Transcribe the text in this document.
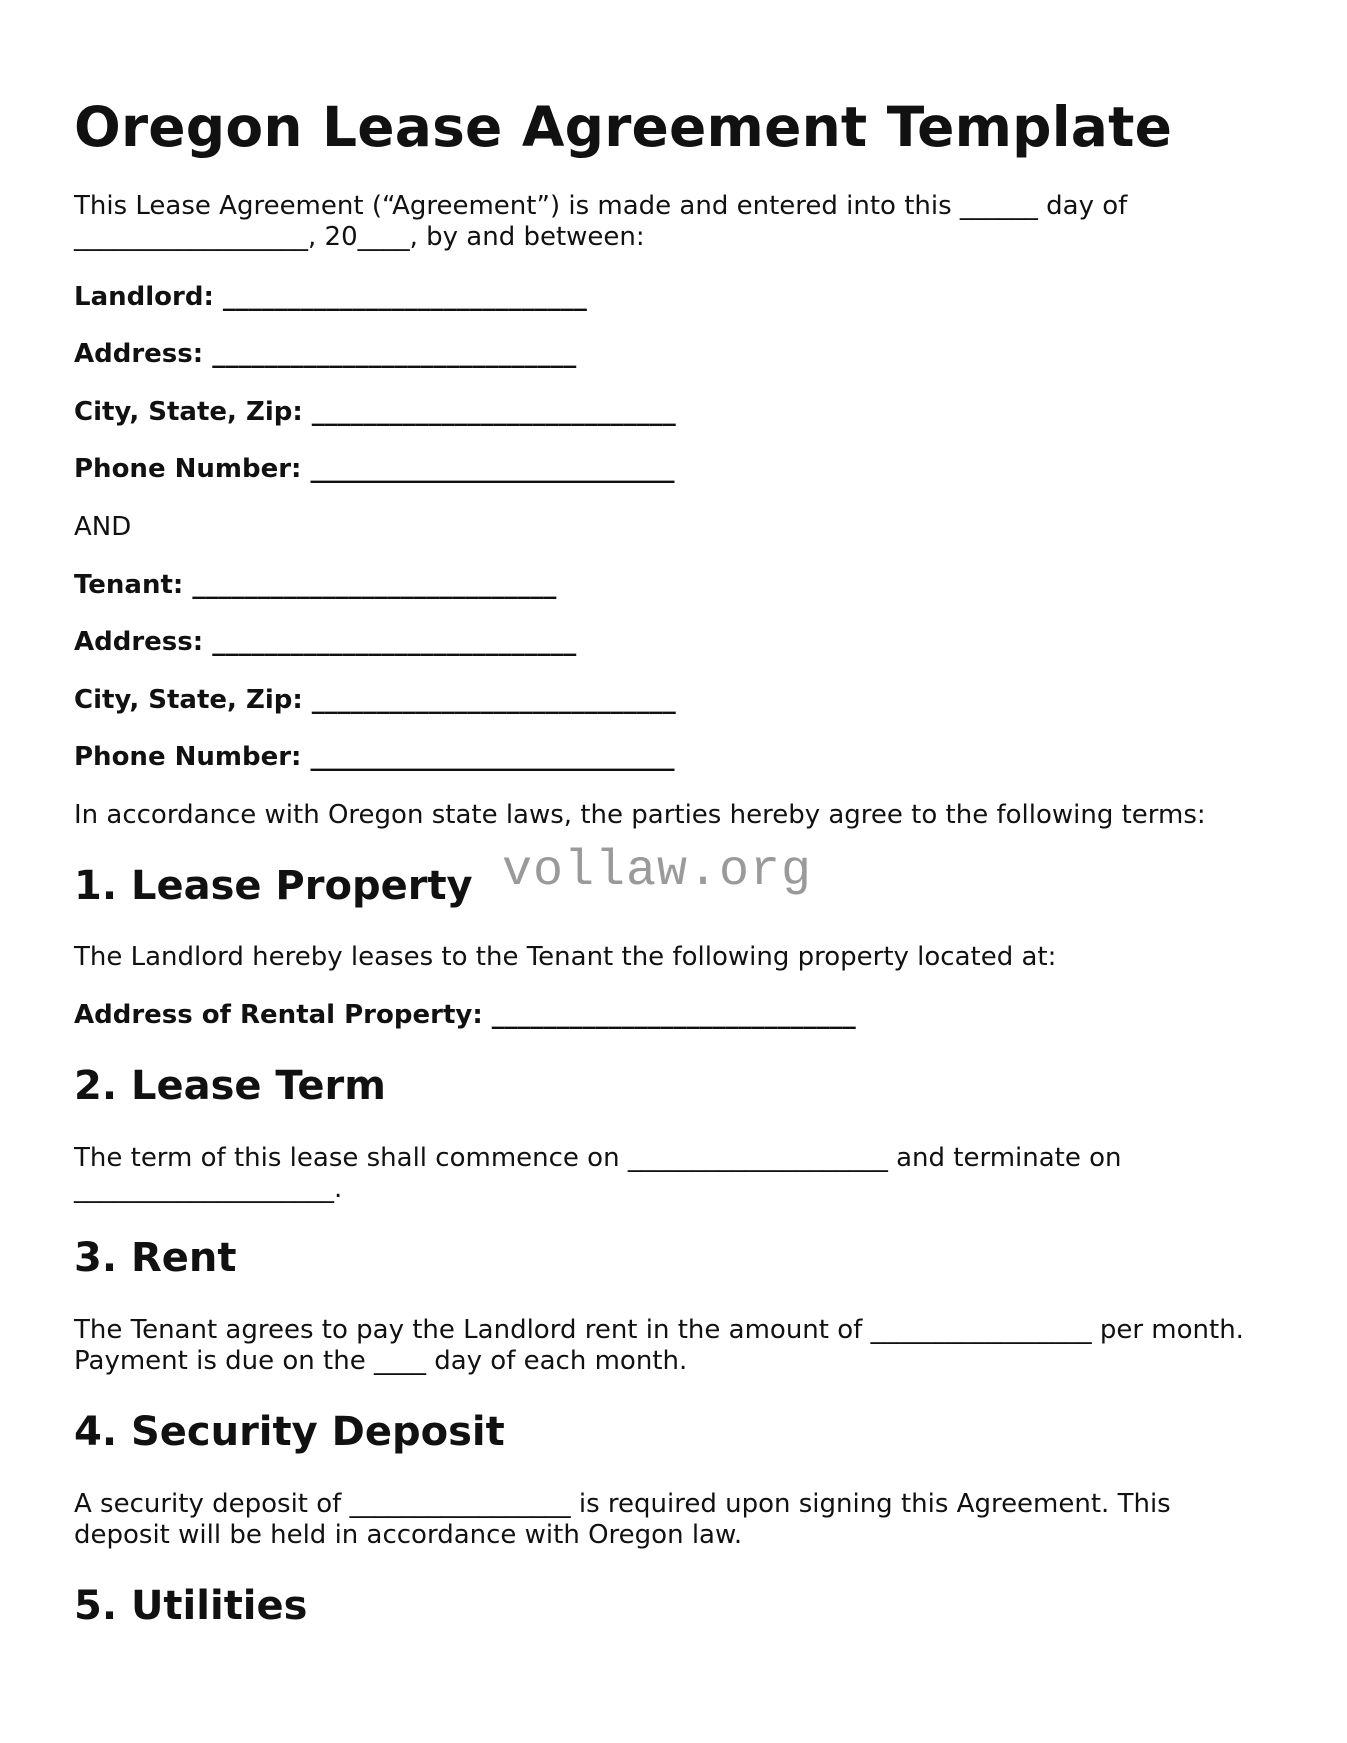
Oregon Lease Agreement Template

This Lease Agreement (“Agreement”) is made and entered into this ______ day of

__________________, 20____, by and between:

Landlord: ____________________________

Address: ____________________________

City, State, Zip: ____________________________

Phone Number: ____________________________

AND

Tenant: ____________________________

Address: ____________________________

City, State, Zip: ____________________________

Phone Number: ____________________________

In accordance with Oregon state laws, the parties hereby agree to the following terms:

1. Lease Property

The Landlord hereby leases to the Tenant the following property located at:

Address of Rental Property: ____________________________

2. Lease Term

The term of this lease shall commence on ____________________ and terminate on

____________________.

3. Rent

The Tenant agrees to pay the Landlord rent in the amount of _________________ per month.

Payment is due on the ____ day of each month.

4. Security Deposit

A security deposit of _________________ is required upon signing this Agreement. This

deposit will be held in accordance with Oregon law.

5. Utilities
vollaw.org
